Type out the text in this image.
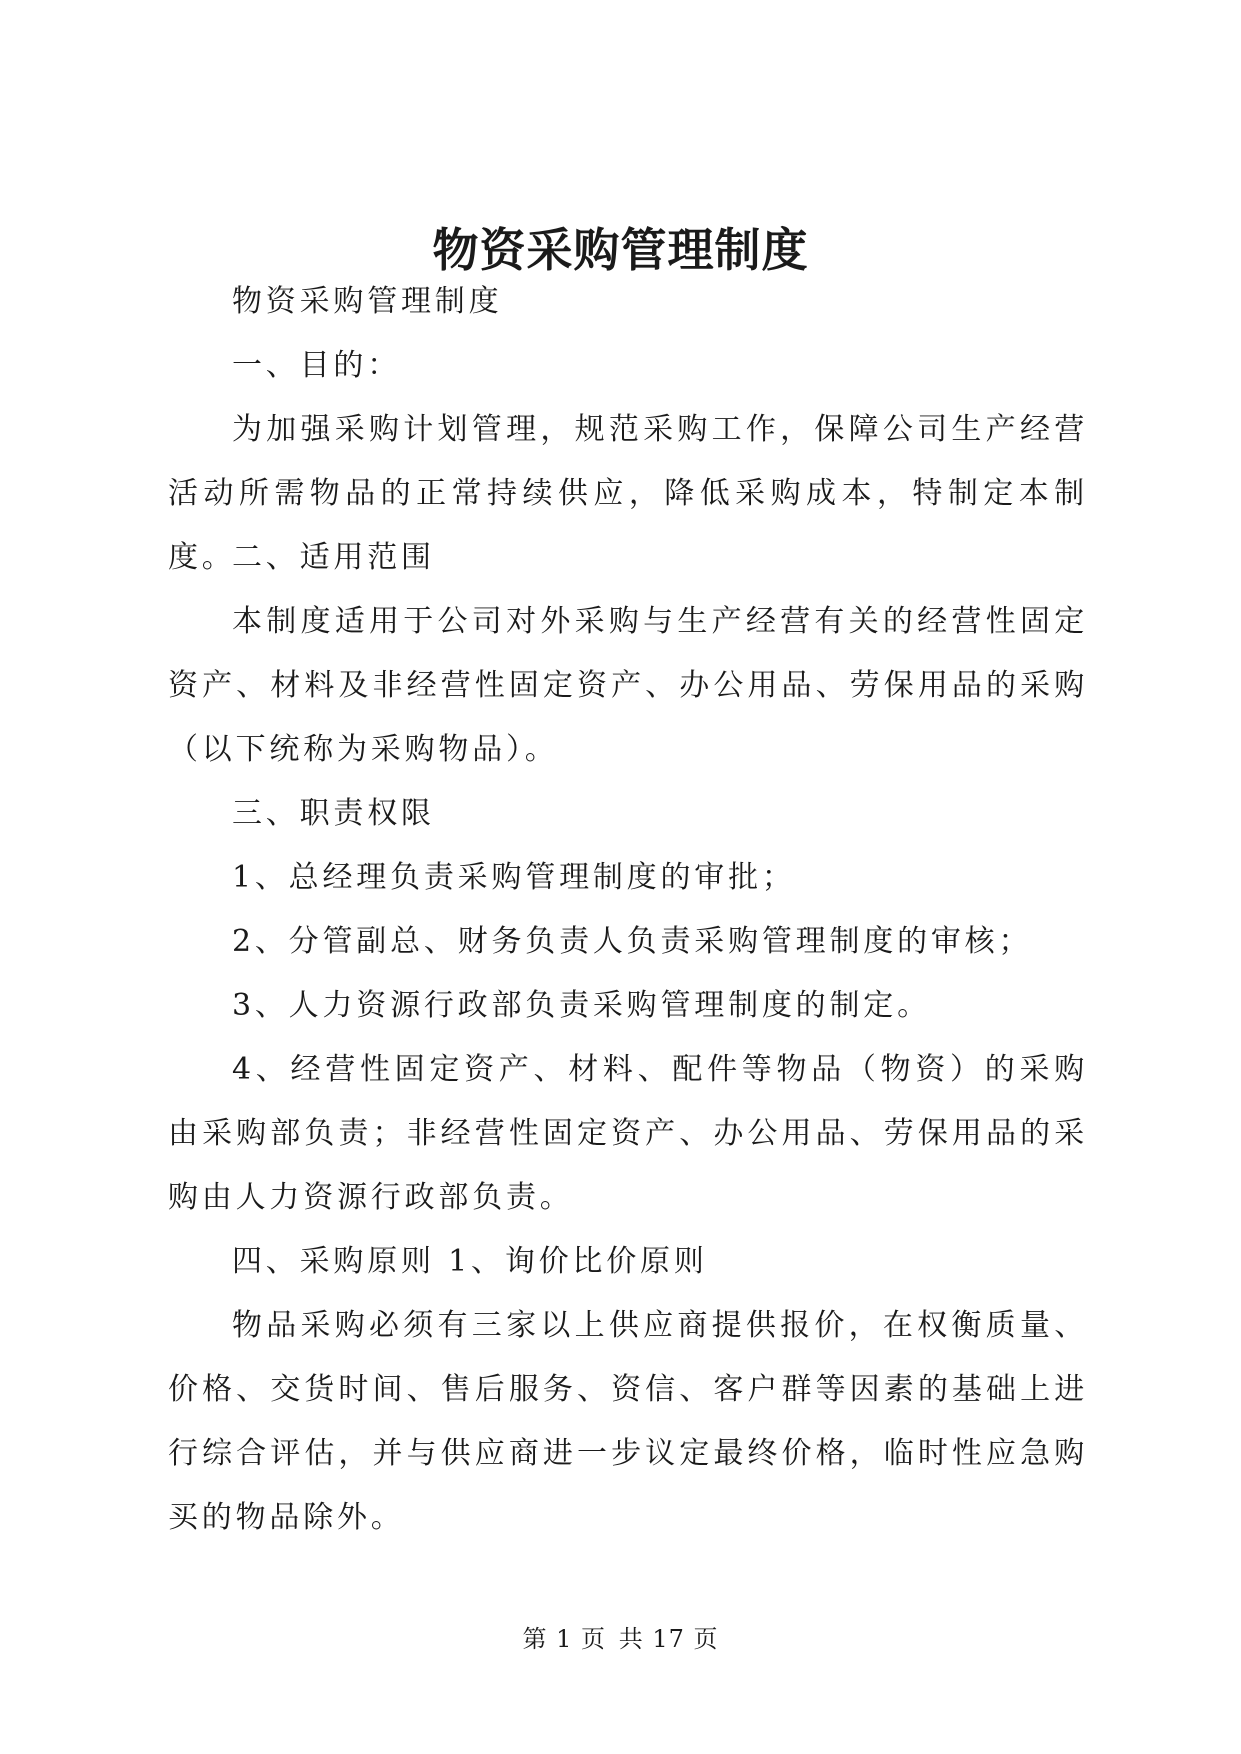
物资采购管理制度

物资采购管理制度

一、目的：

为加强采购计划管理，规范采购工作，保障公司生产经营活动所需物品的正常持续供应，降低采购成本，特制定本制度。

二、适用范围

本制度适用于公司对外采购与生产经营有关的经营性固定资产、材料及非经营性固定资产、办公用品、劳保用品的采购（以下统称为采购物品）。

三、职责权限

1、总经理负责采购管理制度的审批；

2、分管副总、财务负责人负责采购管理制度的审核；

3、人力资源行政部负责采购管理制度的制定。

4、经营性固定资产、材料、配件等物品（物资）的采购由采购部负责；非经营性固定资产、办公用品、劳保用品的采购由人力资源行政部负责。

四、采购原则 1、询价比价原则

物品采购必须有三家以上供应商提供报价，在权衡质量、价格、交货时间、售后服务、资信、客户群等因素的基础上进行综合评估，并与供应商进一步议定最终价格，临时性应急购买的物品除外。

第 1 页 共 17 页
